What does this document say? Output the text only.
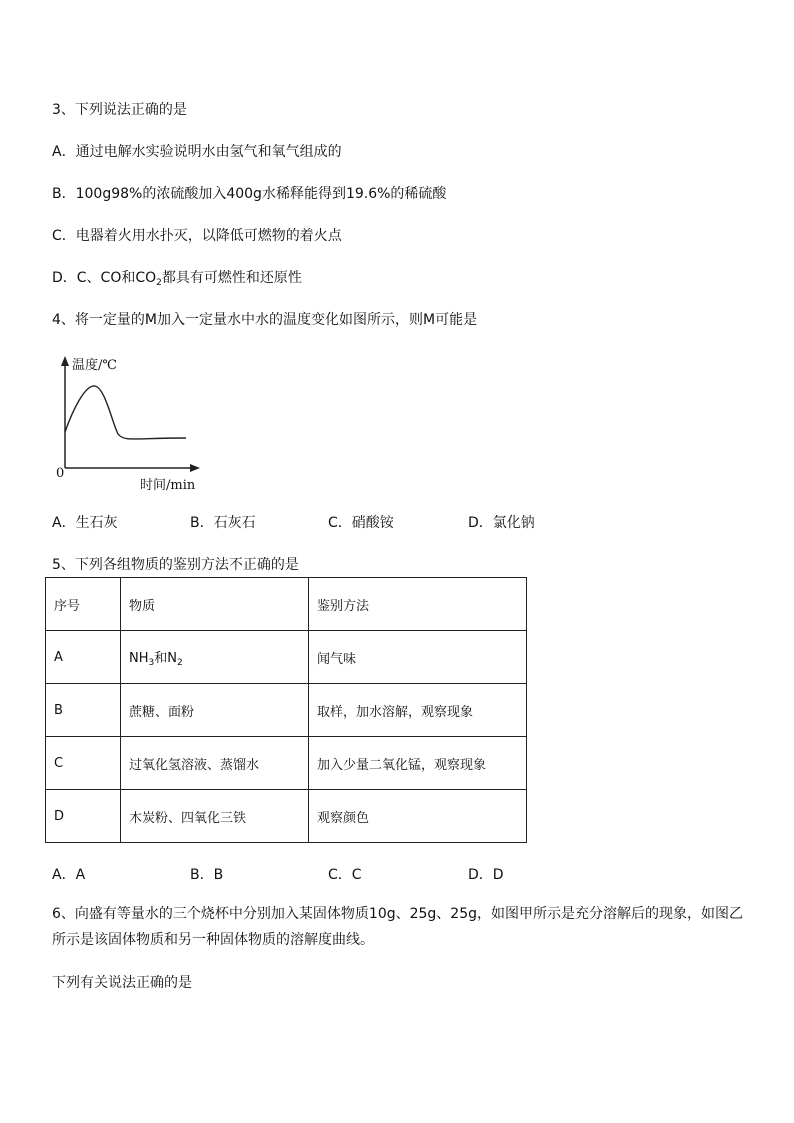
3、下列说法正确的是
A．通过电解水实验说明水由氢气和氧气组成的
B．100g98%的浓硫酸加入400g水稀释能得到19.6%的稀硫酸
C．电器着火用水扑灭，以降低可燃物的着火点
D．C、CO和$CO_2$都具有可燃性和还原性
4、将一定量的M加入一定量水中水的温度变化如图所示，则M可能是
温度/℃
0
时间/min
A．生石灰	B．石灰石	C．硝酸铵	D．氯化钠
5、下列各组物质的鉴别方法不正确的是
序号	物质	鉴别方法
A	$NH_3$和$N_2$	闻气味
B	蔗糖、面粉	取样，加水溶解，观察现象
C	过氧化氢溶液、蒸馏水	加入少量二氧化锰，观察现象
D	木炭粉、四氧化三铁	观察颜色
A．A	B．B	C．C	D．D
6、向盛有等量水的三个烧杯中分别加入某固体物质10g、25g、25g，如图甲所示是充分溶解后的现象，如图乙所示是该固体物质和另一种固体物质的溶解度曲线。
下列有关说法正确的是
